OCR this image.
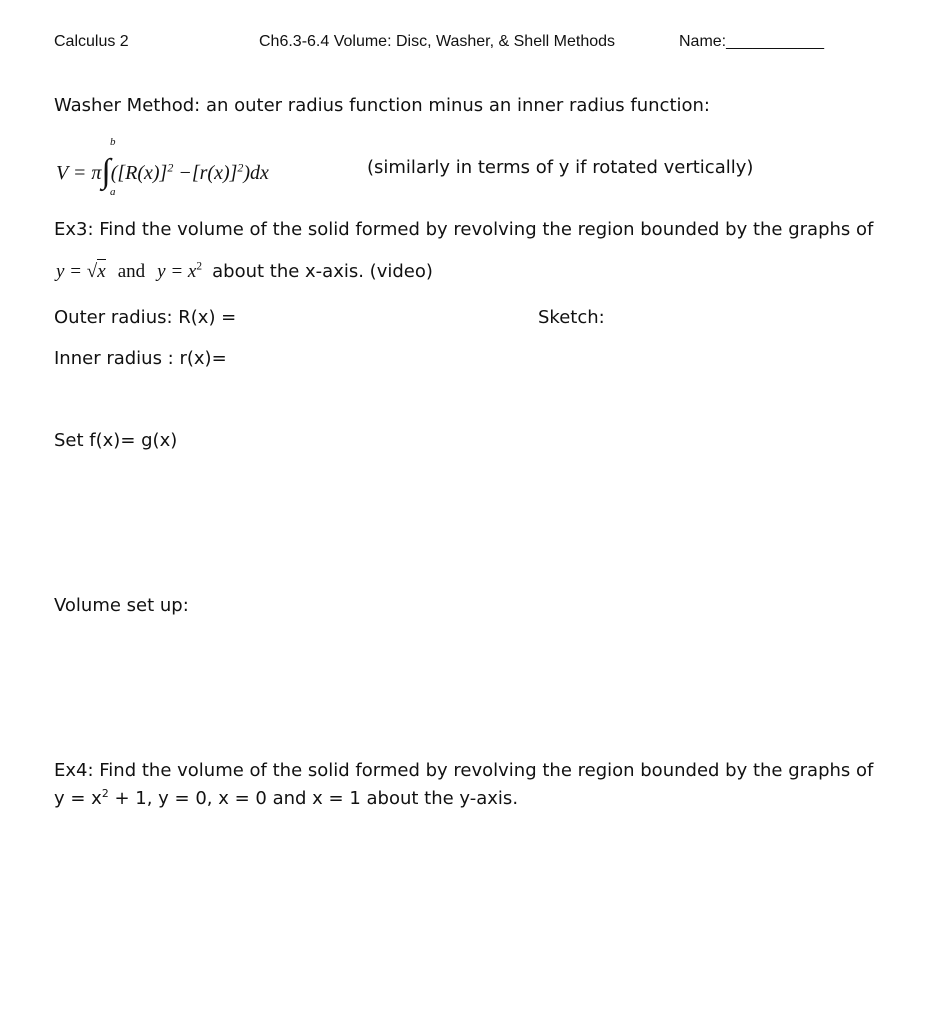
Calculus 2	Ch6.3-6.4 Volume: Disc, Washer, & Shell Methods	Name:___________
Washer Method: an outer radius function minus an inner radius function:
$V = \pi\int([R(x)]^2 -[r(x)]^2)dx$
b
a
(similarly in terms of y if rotated vertically)
Ex3: Find the volume of the solid formed by revolving the region bounded by the graphs of
y = √x and $y = x^2$ about the x-axis. (video)
Outer radius: R(x) =	Sketch:
Inner radius : r(x)=
Set f(x)= g(x)
Volume set up:
Ex4: Find the volume of the solid formed by revolving the region bounded by the graphs of
$y = x^2 + 1$, y = 0, x = 0 and x = 1 about the y-axis.
